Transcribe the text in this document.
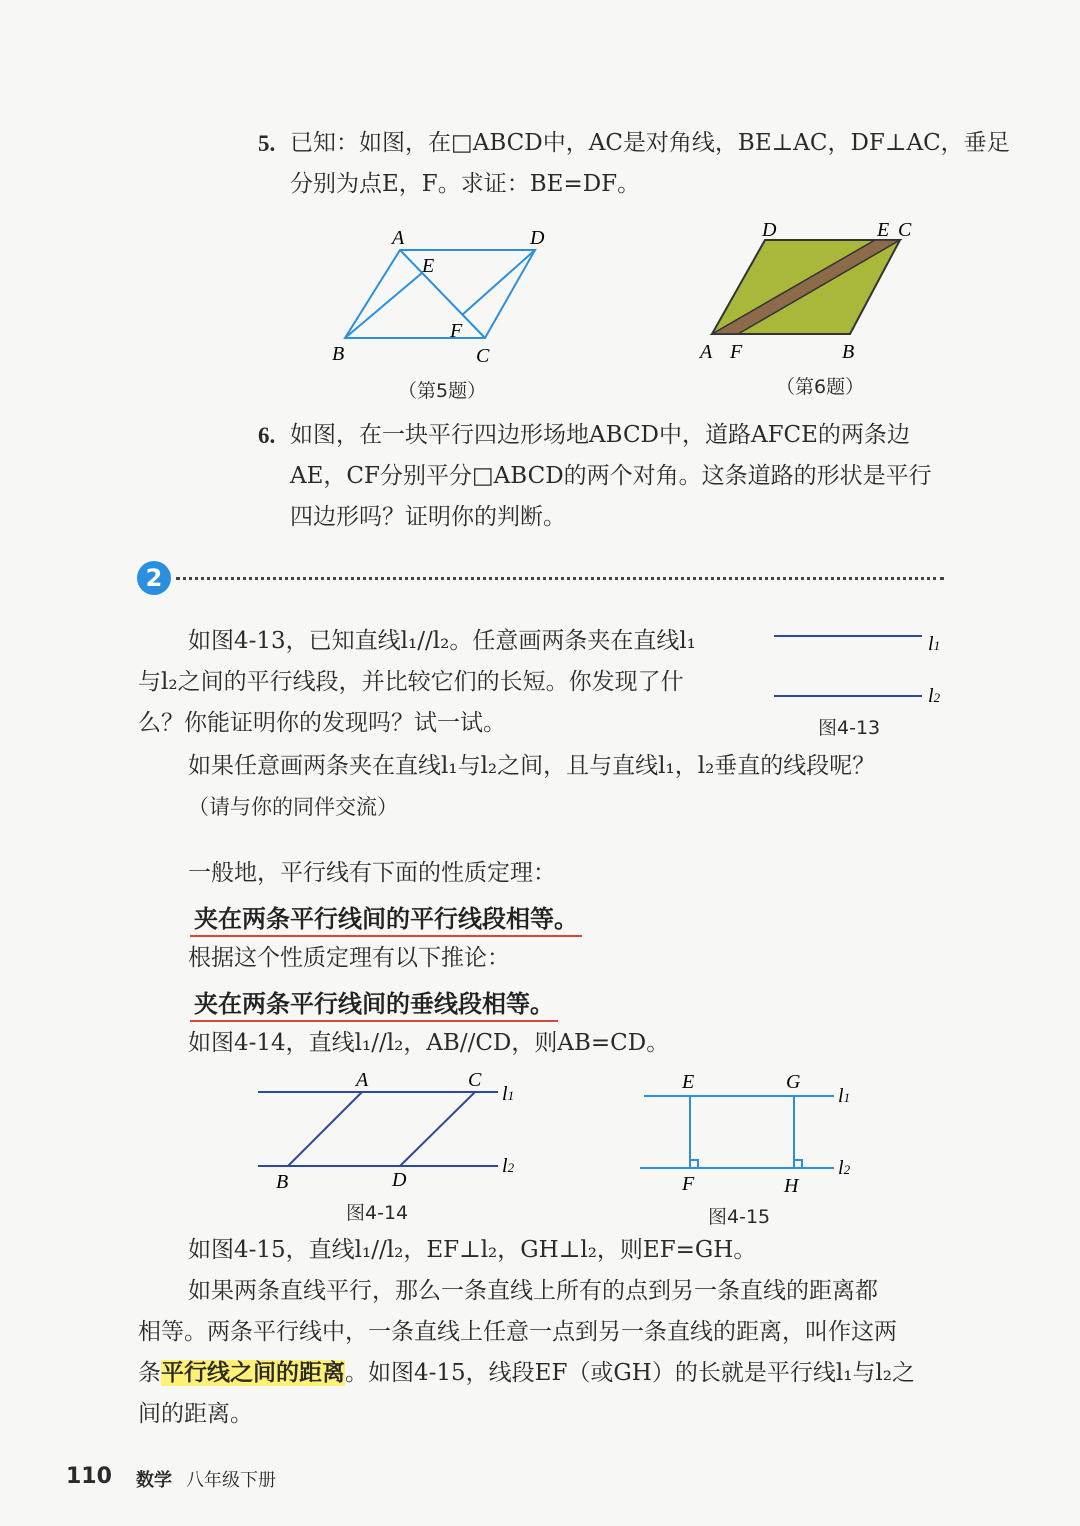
5. 已知：如图，在□ABCD中，AC是对角线，BE⊥AC，DF⊥AC，垂足
分别为点E，F。求证：BE=DF。
A	D
E
F
B	C
（第5题）
D	E C
A F	B
（第6题）
6. 如图，在一块平行四边形场地ABCD中，道路AFCE的两条边
AE，CF分别平分□ABCD的两个对角。这条道路的形状是平行
四边形吗？证明你的判断。
2
如图4-13，已知直线l₁//l₂。任意画两条夹在直线l₁
与l₂之间的平行线段，并比较它们的长短。你发现了什
么？你能证明你的发现吗？试一试。
l1
l2
图4-13
如果任意画两条夹在直线l₁与l₂之间，且与直线l₁，l₂垂直的线段呢？
（请与你的同伴交流）
一般地，平行线有下面的性质定理：
夹在两条平行线间的平行线段相等。
根据这个性质定理有以下推论：
夹在两条平行线间的垂线段相等。
如图4-14，直线l₁//l₂，AB//CD，则AB=CD。
A	C
B	D
l1
l2
图4-14
E	G
F	H
l1
l2
图4-15
如图4-15，直线l₁//l₂，EF⊥l₂，GH⊥l₂，则EF=GH。
如果两条直线平行，那么一条直线上所有的点到另一条直线的距离都
相等。两条平行线中，一条直线上任意一点到另一条直线的距离，叫作这两
条平行线之间的距离。如图4-15，线段EF（或GH）的长就是平行线l₁与l₂之
间的距离。
110 数学 八年级下册
